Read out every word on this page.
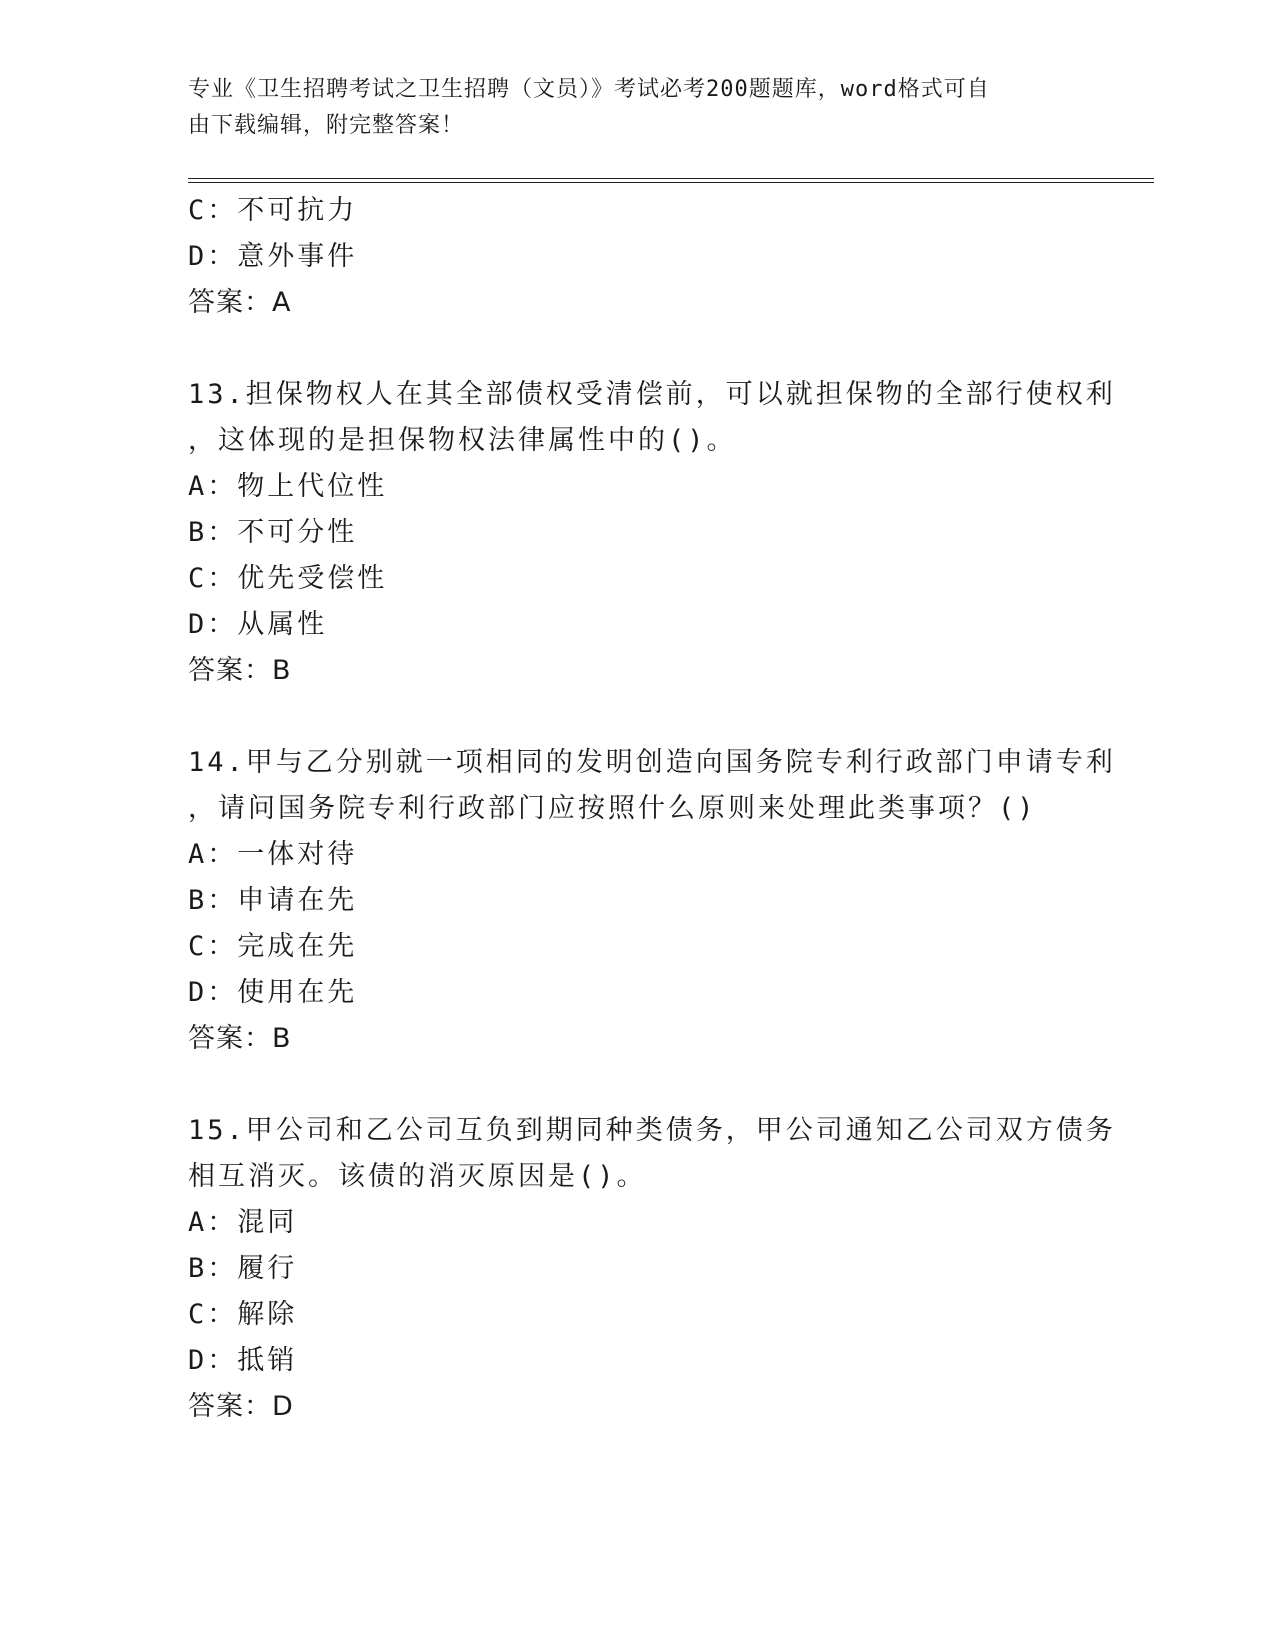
专业《卫生招聘考试之卫生招聘（文员）》考试必考200题题库，word格式可自
由下载编辑，附完整答案！
C：不可抗力
D：意外事件
答案：A
13.担保物权人在其全部债权受清偿前，可以就担保物的全部行使权利
，这体现的是担保物权法律属性中的()。
A：物上代位性
B：不可分性
C：优先受偿性
D：从属性
答案：B
14.甲与乙分别就一项相同的发明创造向国务院专利行政部门申请专利
，请问国务院专利行政部门应按照什么原则来处理此类事项？()
A：一体对待
B：申请在先
C：完成在先
D：使用在先
答案：B
15.甲公司和乙公司互负到期同种类债务，甲公司通知乙公司双方债务
相互消灭。该债的消灭原因是()。
A：混同
B：履行
C：解除
D：抵销
答案：D
